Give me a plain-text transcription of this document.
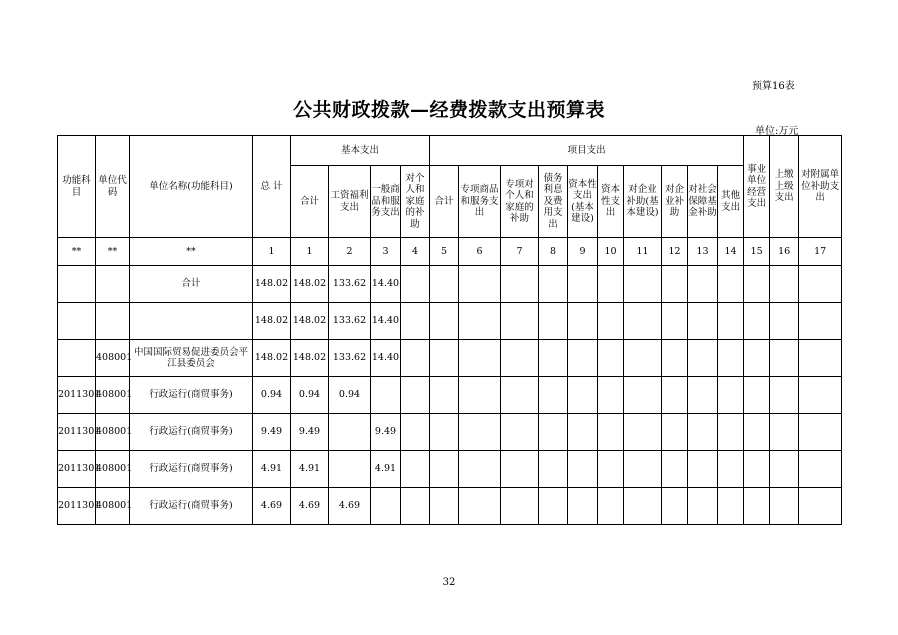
预算16表
公共财政拨款—经费拨款支出预算表
单位:万元
功能科目	单位代码	单位名称(功能科目)	总 计	基本支出				项目支出										事业单位经营支出	上缴上级支出	对附属单位补助支出
				合计	工资福利支出	一般商品和服务支出	对个人和家庭的补助	合计	专项商品和服务支出	专项对个人和家庭的补助	债务利息及费用支出	资本性支出(基本建设)	资本性支出	对企业补助(基本建设)	对企业补助	对社会保障基金补助	其他支出			
**	**	**	1	1	2	3	4	5	6	7	8	9	10	11	12	13	14	15	16	17
		合计	148.02	148.02	133.62	14.40														
			148.02	148.02	133.62	14.40														
	408001	中国国际贸易促进委员会平江县委员会	148.02	148.02	133.62	14.40														
2011301	408001	行政运行(商贸事务)	0.94	0.94	0.94															
2011301	408001	行政运行(商贸事务)	9.49	9.49		9.49														
2011301	408001	行政运行(商贸事务)	4.91	4.91		4.91														
2011301	408001	行政运行(商贸事务)	4.69	4.69	4.69															
32
